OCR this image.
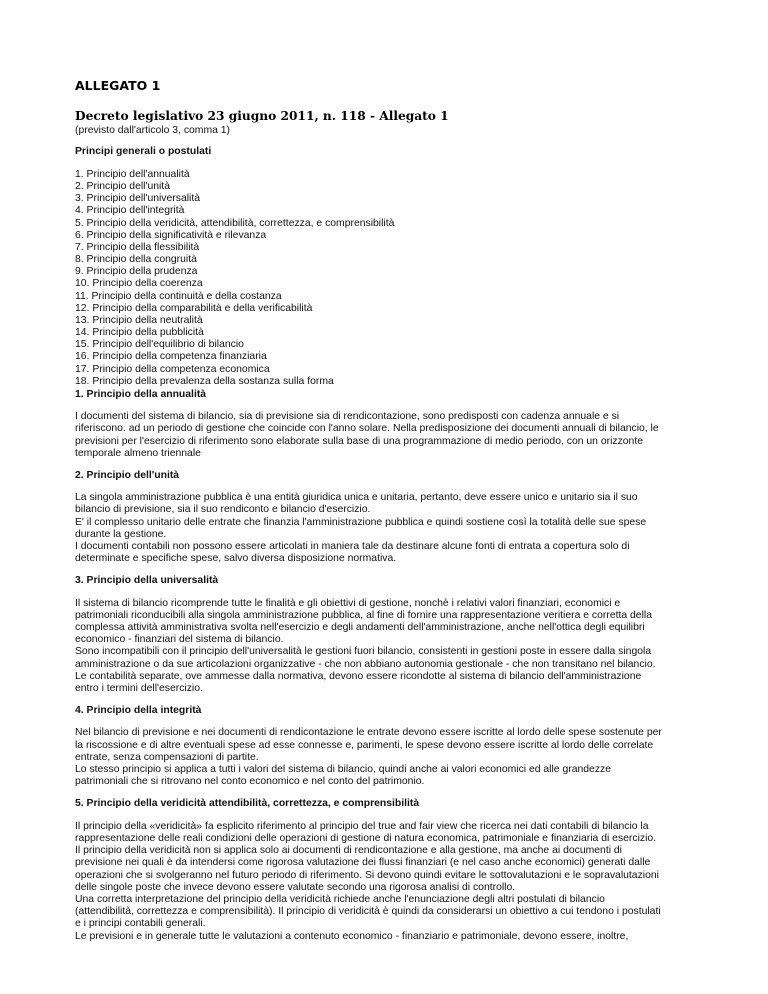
ALLEGATO 1
Decreto legislativo 23 giugno 2011, n. 118 - Allegato 1
(previsto dall'articolo 3, comma 1)
Principi generali o postulati
1. Principio dell'annualità
2. Principio dell'unità
3. Principio dell'universalità
4. Principio dell'integrità
5. Principio della veridicità, attendibilità, correttezza, e comprensibilità
6. Principio della significatività e rilevanza
7. Principio della flessibilità
8. Principio della congruità
9. Principio della prudenza
10. Principio della coerenza
11. Principio della continuità e della costanza
12. Principio della comparabilità e della verificabilità
13. Principio della neutralità
14. Principio della pubblicità
15. Principio dell'equilibrio di bilancio
16. Principio della competenza finanziaria
17. Principio della competenza economica
18. Principio della prevalenza della sostanza sulla forma
1. Principio della annualità

I documenti del sistema di bilancio, sia di previsione sia di rendicontazione, sono predisposti con cadenza annuale e si

riferiscono. ad un periodo di gestione che coincide con l'anno solare. Nella predisposizione dei documenti annuali di bilancio, le

previsioni per l'esercizio di riferimento sono elaborate sulla base di una programmazione di medio periodo, con un orizzonte

temporale almeno triennale

2. Principio dell'unità

La singola amministrazione pubblica è una entità giuridica unica e unitaria, pertanto, deve essere unico e unitario sia il suo

bilancio di previsione, sia il suo rendiconto e bilancio d'esercizio.

E' il complesso unitario delle entrate che finanzia l'amministrazione pubblica e quindi sostiene così la totalità delle sue spese

durante la gestione.

I documenti contabili non possono essere articolati in maniera tale da destinare alcune fonti di entrata a copertura solo di

determinate e specifiche spese, salvo diversa disposizione normativa.

3. Principio della universalità

Il sistema di bilancio ricomprende tutte le finalità e gli obiettivi di gestione, nonchè i relativi valori finanziari, economici e

patrimoniali riconducibili alla singola amministrazione pubblica, al fine di fornire una rappresentazione veritiera e corretta della

complessa attività amministrativa svolta nell'esercizio e degli andamenti dell'amministrazione, anche nell'ottica degli equilibri

economico - finanziari del sistema di bilancio.

Sono incompatibili con il principio dell'universalità le gestioni fuori bilancio, consistenti in gestioni poste in essere dalla singola

amministrazione o da sue articolazioni organizzative - che non abbiano autonomia gestionale - che non transitano nel bilancio.

Le contabilità separate, ove ammesse dalla normativa, devono essere ricondotte al sistema di bilancio dell'amministrazione

entro i termini dell'esercizio.

4. Principio della integrità

Nel bilancio di previsione e nei documenti di rendicontazione le entrate devono essere iscritte al lordo delle spese sostenute per

la riscossione e di altre eventuali spese ad esse connesse e, parimenti, le spese devono essere iscritte al lordo delle correlate

entrate, senza compensazioni di partite.

Lo stesso principio si applica a tutti i valori del sistema di bilancio, quindi anche ai valori economici ed alle grandezze

patrimoniali che si ritrovano nel conto economico e nel conto del patrimonio.

5. Principio della veridicità attendibilità, correttezza, e comprensibilità

Il principio della «veridicità» fa esplicito riferimento al principio del true and fair view che ricerca nei dati contabili di bilancio la

rappresentazione delle reali condizioni delle operazioni di gestione di natura economica, patrimoniale e finanziaria di esercizio.

Il principio della veridicità non si applica solo ai documenti di rendicontazione e alla gestione, ma anche ai documenti di

previsione nei quali è da intendersi come rigorosa valutazione dei flussi finanziari (e nel caso anche economici) generati dalle

operazioni che si svolgeranno nel futuro periodo di riferimento. Si devono quindi evitare le sottovalutazioni e le sopravalutazioni

delle singole poste che invece devono essere valutate secondo una rigorosa analisi di controllo.

Una corretta interpretazione del principio della veridicità richiede anche l'enunciazione degli altri postulati di bilancio

(attendibilità, correttezza e comprensibilità). Il principio di veridicità è quindi da considerarsi un obiettivo a cui tendono i postulati

e i principi contabili generali.

Le previsioni e in generale tutte le valutazioni a contenuto economico - finanziario e patrimoniale, devono essere, inoltre,
